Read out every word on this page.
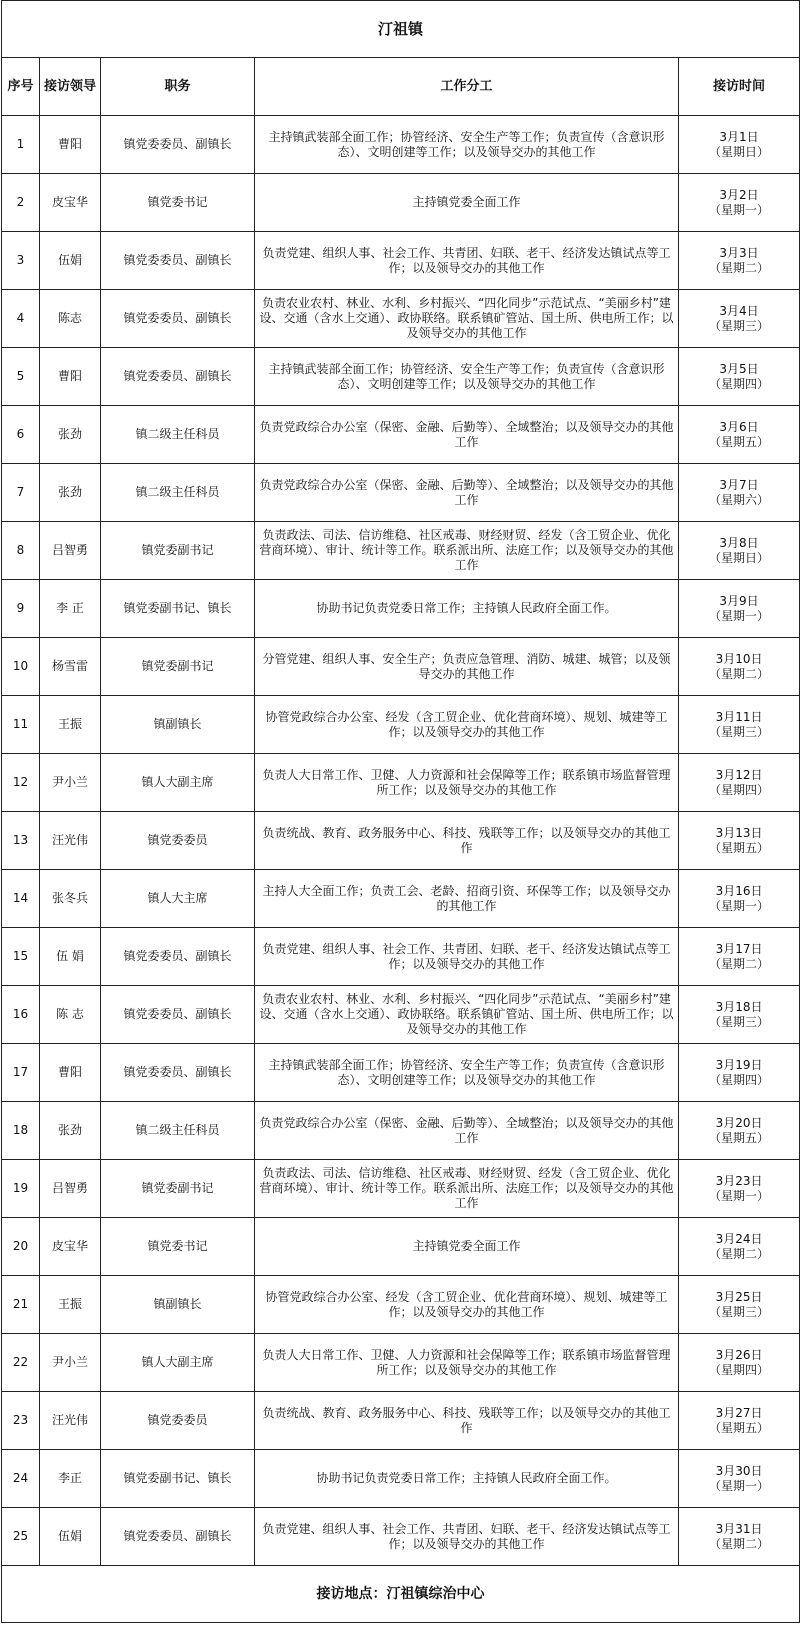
汀祖镇				
序号	接访领导	职务	工作分工	接访时间
1	曹阳	镇党委委员、副镇长	主持镇武装部全面工作；协管经济、安全生产等工作；负责宣传（含意识形态）、文明创建等工作；以及领导交办的其他工作	3月1日
（星期日）

2	皮宝华	镇党委书记	主持镇党委全面工作	3月2日
（星期一）

3	伍娟	镇党委委员、副镇长	负责党建、组织人事、社会工作、共青团、妇联、老干、经济发达镇试点等工作；以及领导交办的其他工作	3月3日
（星期二）

4	陈志	镇党委委员、副镇长	负责农业农村、林业、水利、乡村振兴、“四化同步”示范试点、“美丽乡村”建设、交通（含水上交通）、政协联络。联系镇矿管站、国土所、供电所工作；以及领导交办的其他工作	3月4日
（星期三）

5	曹阳	镇党委委员、副镇长	主持镇武装部全面工作；协管经济、安全生产等工作；负责宣传（含意识形态）、文明创建等工作；以及领导交办的其他工作	3月5日
（星期四）

6	张劲	镇二级主任科员	负责党政综合办公室（保密、金融、后勤等）、全域整治；以及领导交办的其他工作	3月6日
（星期五）

7	张劲	镇二级主任科员	负责党政综合办公室（保密、金融、后勤等）、全域整治；以及领导交办的其他工作	3月7日
（星期六）

8	吕智勇	镇党委副书记	负责政法、司法、信访维稳、社区戒毒、财经财贸、经发（含工贸企业、优化营商环境）、审计、统计等工作。联系派出所、法庭工作；以及领导交办的其他工作	3月8日
（星期日）

9	李 正	镇党委副书记、镇长	协助书记负责党委日常工作；主持镇人民政府全面工作。	3月9日
（星期一）

10	杨雪雷	镇党委副书记	分管党建、组织人事、安全生产；负责应急管理、消防、城建、城管；以及领导交办的其他工作	3月10日
（星期二）

11	王振	镇副镇长	协管党政综合办公室、经发（含工贸企业、优化营商环境）、规划、城建等工作；以及领导交办的其他工作	3月11日
（星期三）

12	尹小兰	镇人大副主席	负责人大日常工作、卫健、人力资源和社会保障等工作；联系镇市场监督管理所工作；以及领导交办的其他工作	3月12日
（星期四）

13	汪光伟	镇党委委员	负责统战、教育、政务服务中心、科技、残联等工作；以及领导交办的其他工作	3月13日
（星期五）

14	张冬兵	镇人大主席	主持人大全面工作；负责工会、老龄、招商引资、环保等工作；以及领导交办的其他工作	3月16日
（星期一）

15	伍 娟	镇党委委员、副镇长	负责党建、组织人事、社会工作、共青团、妇联、老干、经济发达镇试点等工作；以及领导交办的其他工作	3月17日
（星期二）

16	陈 志	镇党委委员、副镇长	负责农业农村、林业、水利、乡村振兴、“四化同步”示范试点、“美丽乡村”建设、交通（含水上交通）、政协联络。联系镇矿管站、国土所、供电所工作；以及领导交办的其他工作	3月18日
（星期三）

17	曹阳	镇党委委员、副镇长	主持镇武装部全面工作；协管经济、安全生产等工作；负责宣传（含意识形态）、文明创建等工作；以及领导交办的其他工作	3月19日
（星期四）

18	张劲	镇二级主任科员	负责党政综合办公室（保密、金融、后勤等）、全域整治；以及领导交办的其他工作	3月20日
（星期五）

19	吕智勇	镇党委副书记	负责政法、司法、信访维稳、社区戒毒、财经财贸、经发（含工贸企业、优化营商环境）、审计、统计等工作。联系派出所、法庭工作；以及领导交办的其他工作	3月23日
（星期一）

20	皮宝华	镇党委书记	主持镇党委全面工作	3月24日
（星期二）

21	王振	镇副镇长	协管党政综合办公室、经发（含工贸企业、优化营商环境）、规划、城建等工作；以及领导交办的其他工作	3月25日
（星期三）

22	尹小兰	镇人大副主席	负责人大日常工作、卫健、人力资源和社会保障等工作；联系镇市场监督管理所工作；以及领导交办的其他工作	3月26日
（星期四）

23	汪光伟	镇党委委员	负责统战、教育、政务服务中心、科技、残联等工作；以及领导交办的其他工作	3月27日
（星期五）

24	李正	镇党委副书记、镇长	协助书记负责党委日常工作；主持镇人民政府全面工作。	3月30日
（星期一）

25	伍娟	镇党委委员、副镇长	负责党建、组织人事、社会工作、共青团、妇联、老干、经济发达镇试点等工作；以及领导交办的其他工作	3月31日
（星期二）

接访地点：汀祖镇综治中心				
